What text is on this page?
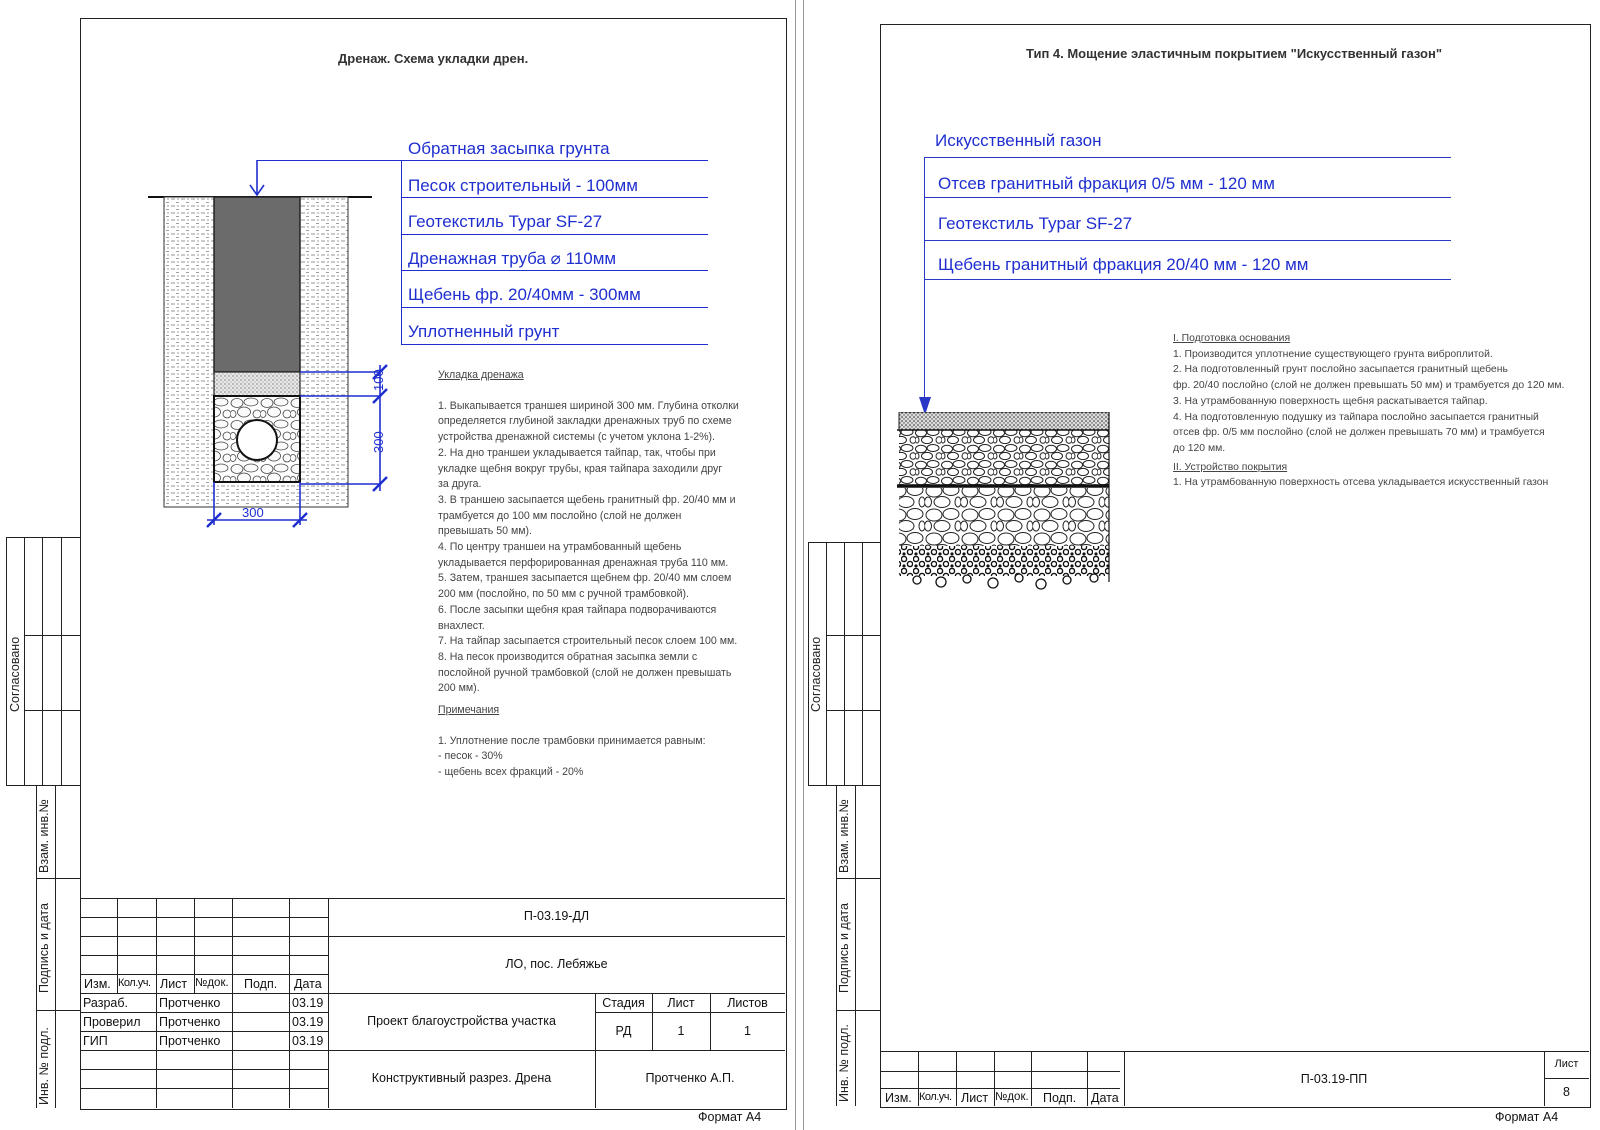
Дренаж. Схема укладки дрен.
100
300
300
Обратная засыпка грунта
Песок строительный - 100мм
Геотекстиль Typar SF-27
Дренажная труба ⌀ 110мм
Щебень фр. 20/40мм - 300мм
Уплотненный грунт

Укладка дренажа

1. Выкапывается траншея шириной 300 мм. Глубина отколки

определяется глубиной закладки дренажных труб по схеме

устройства дренажной системы (с учетом уклона 1-2%).

2. На дно траншеи укладывается тайпар, так, чтобы при

укладке щебня вокруг трубы, края тайпара заходили друг

за друга.

3. В траншею засыпается щебень гранитный фр. 20/40 мм и

трамбуется до 100 мм послойно (слой не должен

превышать 50 мм).

4. По центру траншеи на утрамбованный щебень

укладывается перфорированная дренажная труба 110 мм.

5. Затем, траншея засыпается щебнем фр. 20/40 мм слоем

200 мм (послойно, по 50 мм с ручной трамбовкой).

6. После засыпки щебня края тайпара подворачиваются

внахлест.

7. На тайпар засыпается строительный песок слоем 100 мм.

8. На песок производится обратная засыпка земли с

послойной ручной трамбовкой (слой не должен превышать

200 мм).

Примечания

1. Уплотнение после трамбовки принимается равным:

- песок - 30%

- щебень всех фракций - 20%

Согласовано
Взам. инв.№
Подпись и дата
Инв. № подл.
Изм. Кол.уч. Лист №док. Подп. Дата
Разраб. Протченко	03.19
Проверил Протченко	03.19
ГИП	Протченко	03.19
П-03.19-ДЛ
ЛО, пос. Лебяжье
Проект благоустройства участка
Стадия	Лист	Листов
РД	1	1
Конструктивный разрез. Дрена	Протченко А.П.
Формат А4
Тип 4. Мощение эластичным покрытием "Искусственный газон"
Искусственный газон
Отсев гранитный фракция 0/5 мм - 120 мм
Геотекстиль Typar SF-27
Щебень гранитный фракция 20/40 мм - 120 мм

I. Подготовка основания

1. Производится уплотнение существующего грунта виброплитой.

2. На подготовленный грунт послойно засыпается гранитный щебень

фр. 20/40 послойно (слой не должен превышать 50 мм) и трамбуется до 120 мм.

3. На утрамбованную поверхность щебня раскатывается тайпар.

4. На подготовленную подушку из тайпара послойно засыпается гранитный

отсев фр. 0/5 мм послойно (слой не должен превышать 70 мм) и трамбуется

до 120 мм.

II. Устройство покрытия

1. На утрамбованную поверхность отсева укладывается искусственный газон

Согласовано
Взам. инв.№
Подпись и дата
Инв. № подл.	Изм. Кол.уч. Лист №док. Подп. Дата
П-03.19-ПП
Лист
8
Формат А4
